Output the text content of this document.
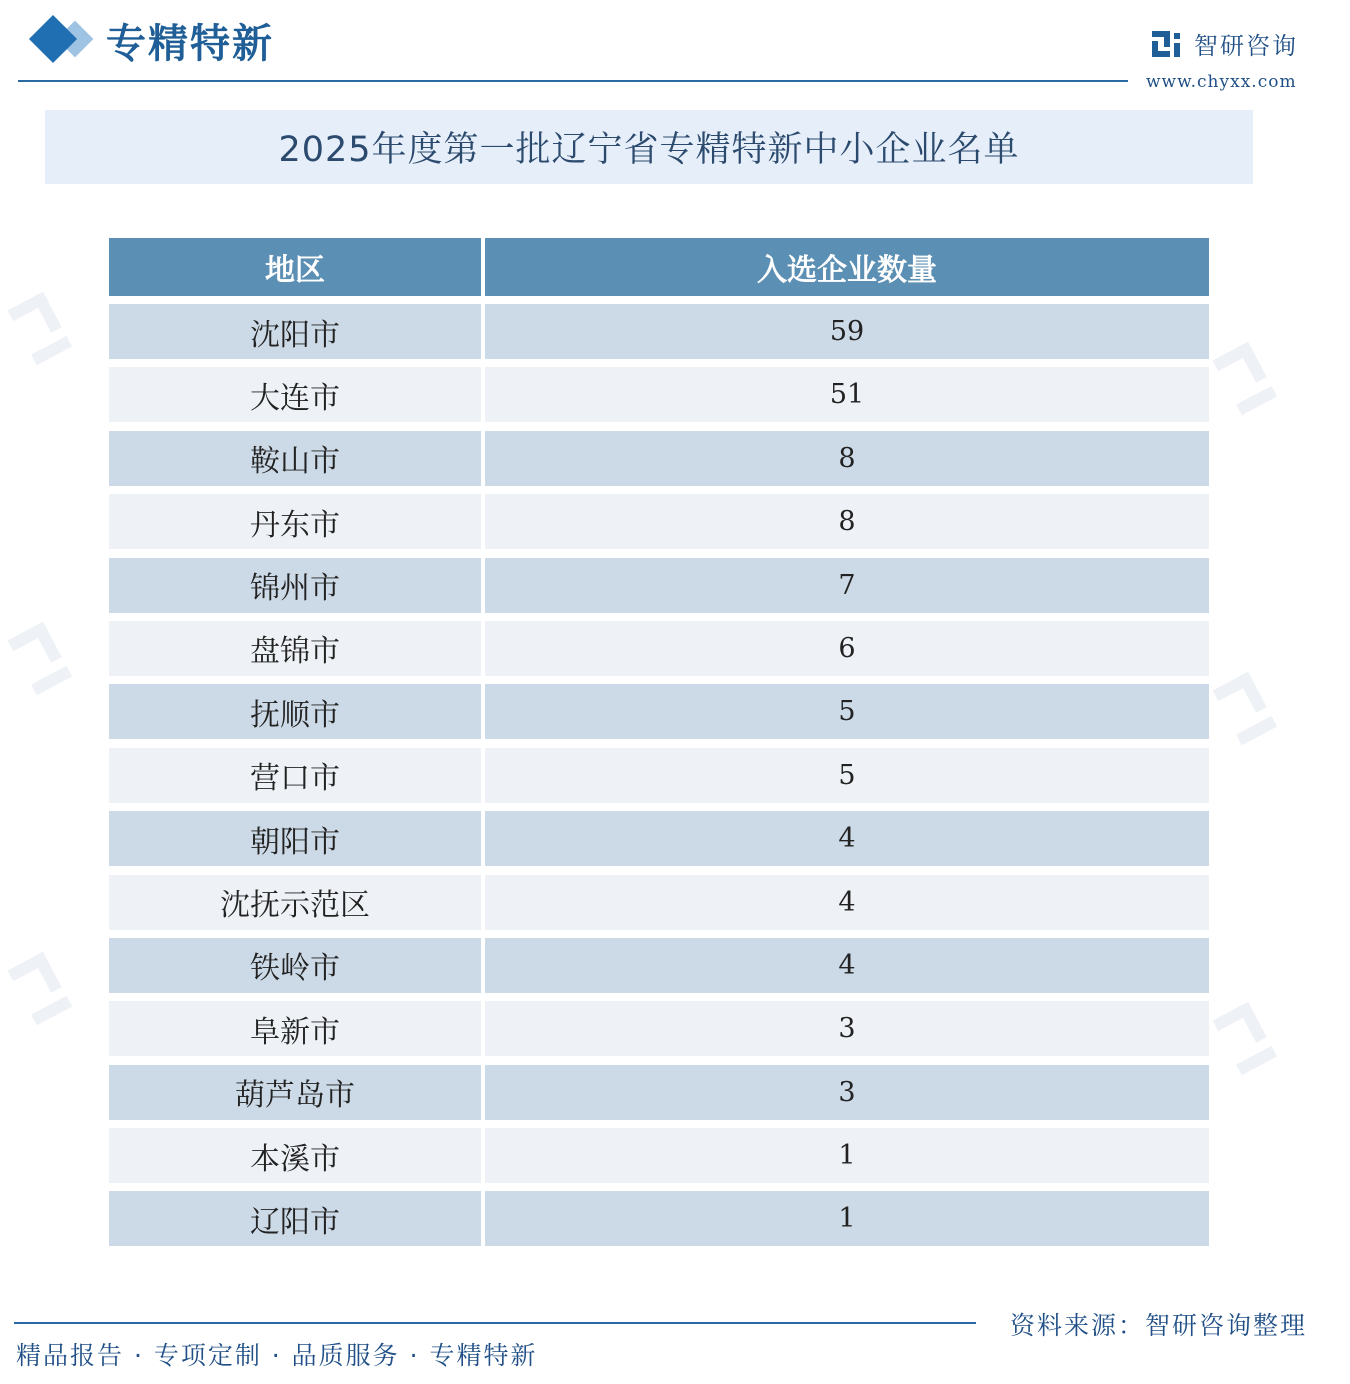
专精特新	智研咨询
www.chyxx.com
2025年度第一批辽宁省专精特新中小企业名单
地区	入选企业数量
沈阳市	59
大连市	51
鞍山市	8
丹东市	8
锦州市	7
盘锦市	6
抚顺市	5
营口市	5
朝阳市	4
沈抚示范区	4
铁岭市	4
阜新市	3
葫芦岛市	3
本溪市	1
辽阳市	1
资料来源：智研咨询整理
精品报告 · 专项定制 · 品质服务 · 专精特新
